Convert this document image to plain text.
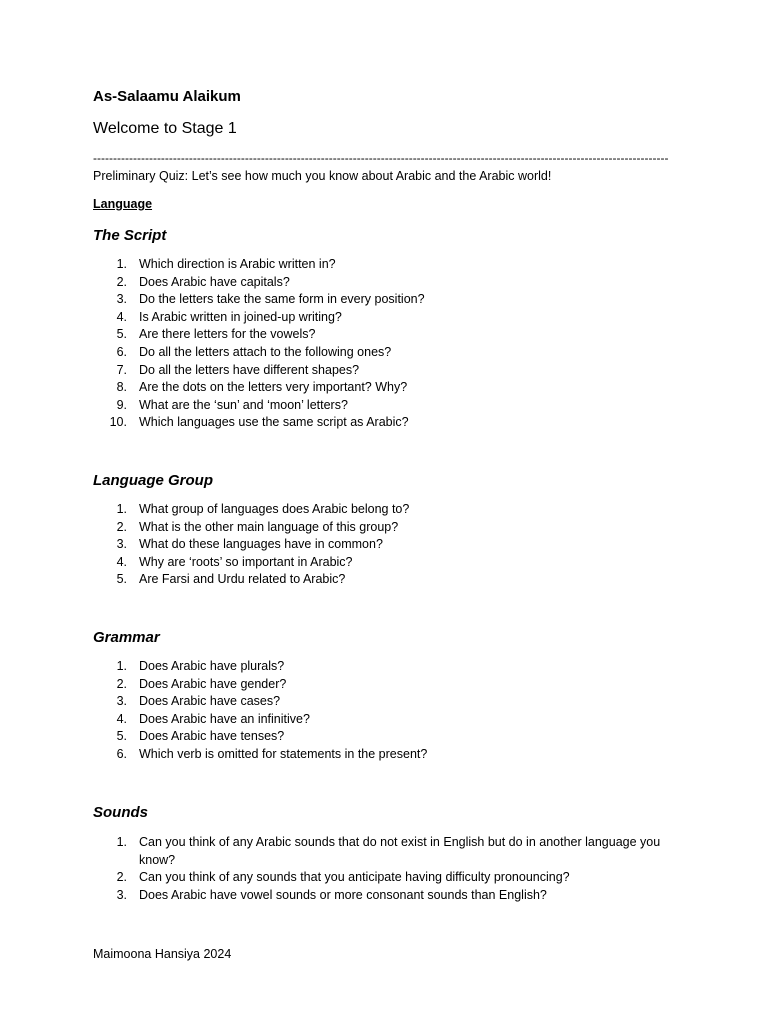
As-Salaamu Alaikum

Welcome to Stage 1

------------------------------------------------------------------------------------------------------------------------------------------------

Preliminary Quiz: Let’s see how much you know about Arabic and the Arabic world!

Language

The Script

1. Which direction is Arabic written in?
2. Does Arabic have capitals?
3. Do the letters take the same form in every position?
4. Is Arabic written in joined-up writing?
5. Are there letters for the vowels?
6. Do all the letters attach to the following ones?
7. Do all the letters have different shapes?
8. Are the dots on the letters very important? Why?
9. What are the ‘sun’ and ‘moon’ letters?
10. Which languages use the same script as Arabic?

Language Group

1. What group of languages does Arabic belong to?
2. What is the other main language of this group?
3. What do these languages have in common?
4. Why are ‘roots’ so important in Arabic?
5. Are Farsi and Urdu related to Arabic?

Grammar

1. Does Arabic have plurals?
2. Does Arabic have gender?
3. Does Arabic have cases?
4. Does Arabic have an infinitive?
5. Does Arabic have tenses?
6. Which verb is omitted for statements in the present?

Sounds

1. Can you think of any Arabic sounds that do not exist in English but do in another language you know?
2. Can you think of any sounds that you anticipate having difficulty pronouncing?
3. Does Arabic have vowel sounds or more consonant sounds than English?

Maimoona Hansiya 2024
